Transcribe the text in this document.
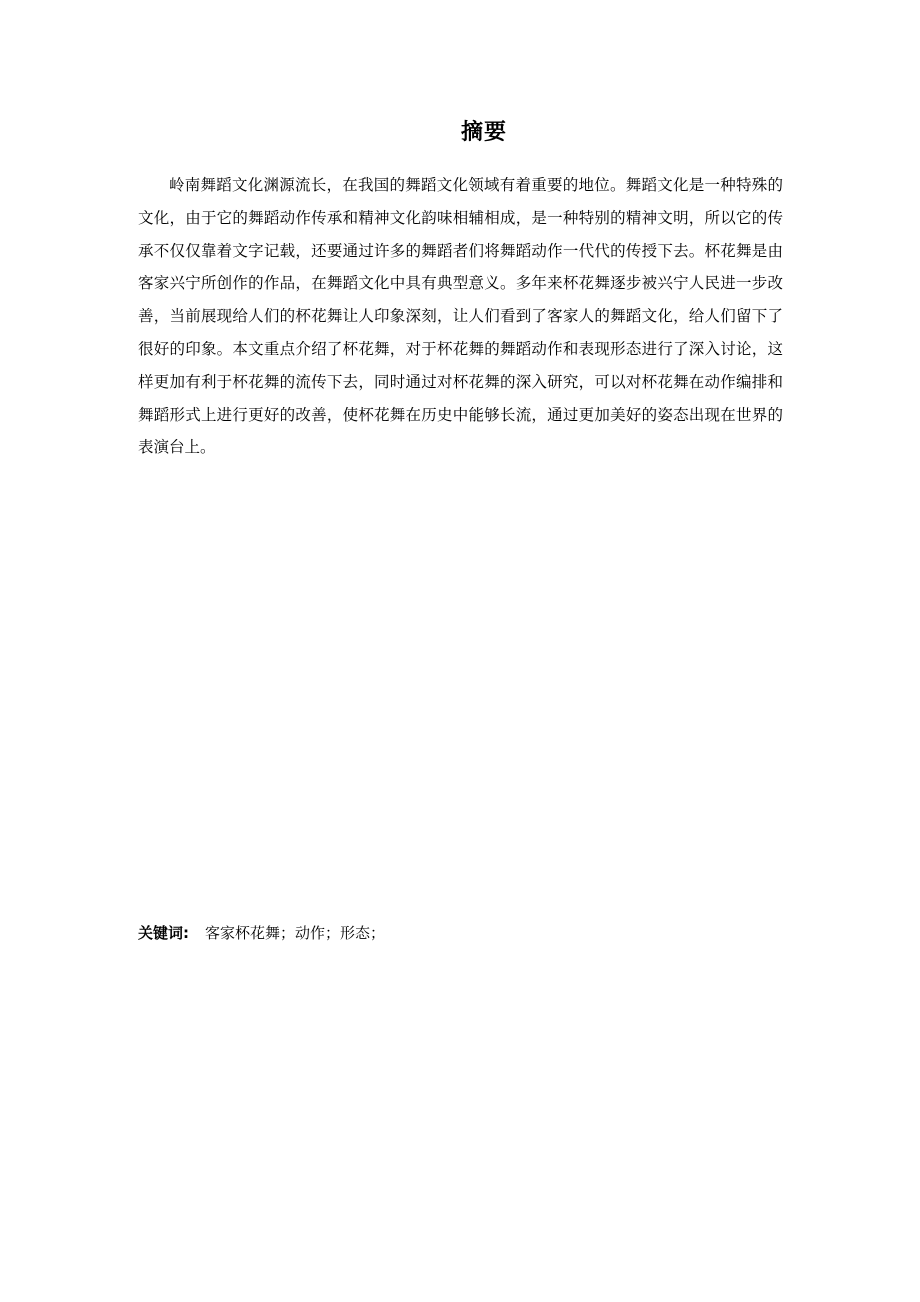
摘要

岭南舞蹈文化渊源流长，在我国的舞蹈文化领域有着重要的地位。舞蹈文化是一种特殊的文化，由于它的舞蹈动作传承和精神文化韵味相辅相成，是一种特别的精神文明，所以它的传承不仅仅靠着文字记载，还要通过许多的舞蹈者们将舞蹈动作一代代的传授下去。杯花舞是由客家兴宁所创作的作品，在舞蹈文化中具有典型意义。多年来杯花舞逐步被兴宁人民进一步改善，当前展现给人们的杯花舞让人印象深刻，让人们看到了客家人的舞蹈文化，给人们留下了很好的印象。本文重点介绍了杯花舞，对于杯花舞的舞蹈动作和表现形态进行了深入讨论，这样更加有利于杯花舞的流传下去，同时通过对杯花舞的深入研究，可以对杯花舞在动作编排和舞蹈形式上进行更好的改善，使杯花舞在历史中能够长流，通过更加美好的姿态出现在世界的表演台上。

关键词: 客家杯花舞；动作；形态；
